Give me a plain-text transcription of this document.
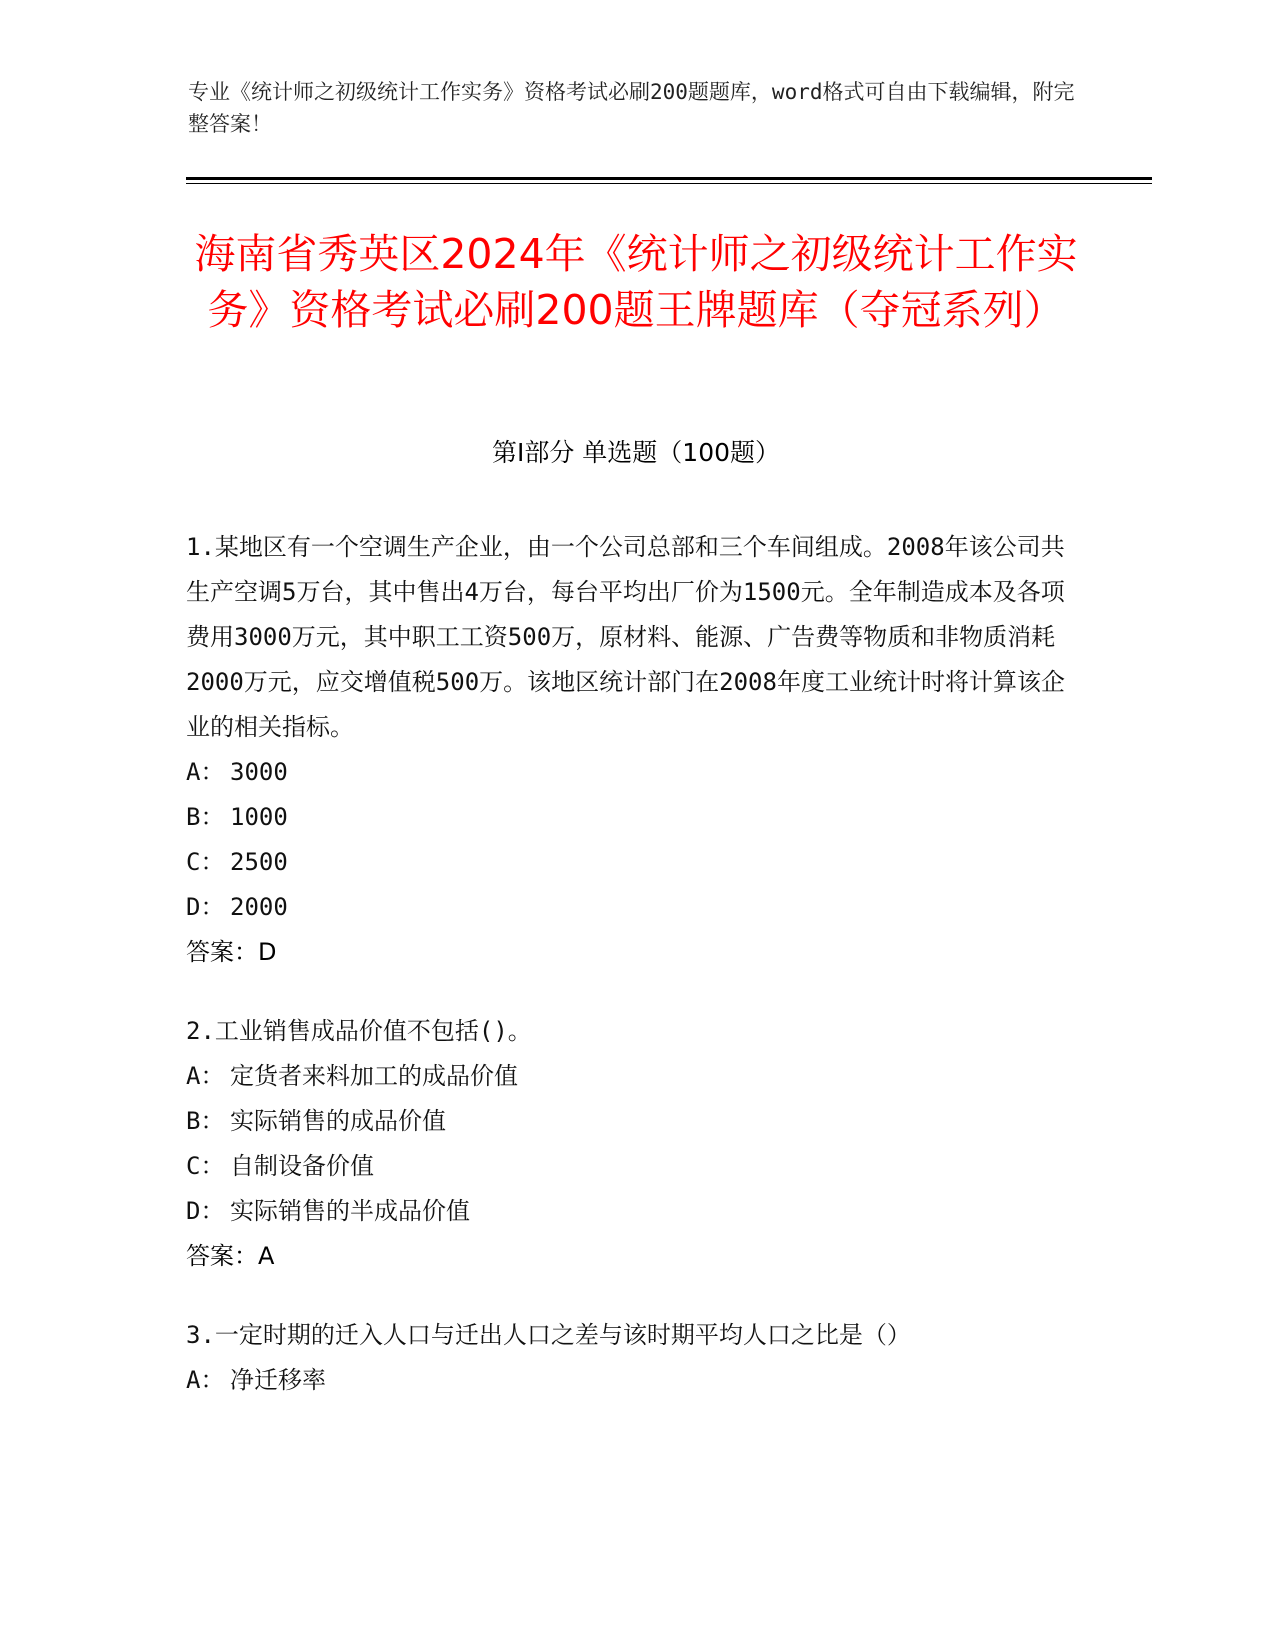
专业《统计师之初级统计工作实务》资格考试必刷200题题库，word格式可自由下载编辑，附完整答案！

海南省秀英区2024年《统计师之初级统计工作实务》资格考试必刷200题王牌题库（夺冠系列）
第I部分 单选题（100题）

1.某地区有一个空调生产企业，由一个公司总部和三个车间组成。2008年该公司共生产空调5万台，其中售出4万台，每台平均出厂价为1500元。全年制造成本及各项费用3000万元，其中职工工资500万，原材料、能源、广告费等物质和非物质消耗2000万元，应交增值税500万。该地区统计部门在2008年度工业统计时将计算该企业的相关指标。

A： 3000

B： 1000

C： 2500

D： 2000

答案：D

2.工业销售成品价值不包括()。

A： 定货者来料加工的成品价值

B： 实际销售的成品价值

C： 自制设备价值

D： 实际销售的半成品价值

答案：A

3.一定时期的迁入人口与迁出人口之差与该时期平均人口之比是（）

A： 净迁移率
